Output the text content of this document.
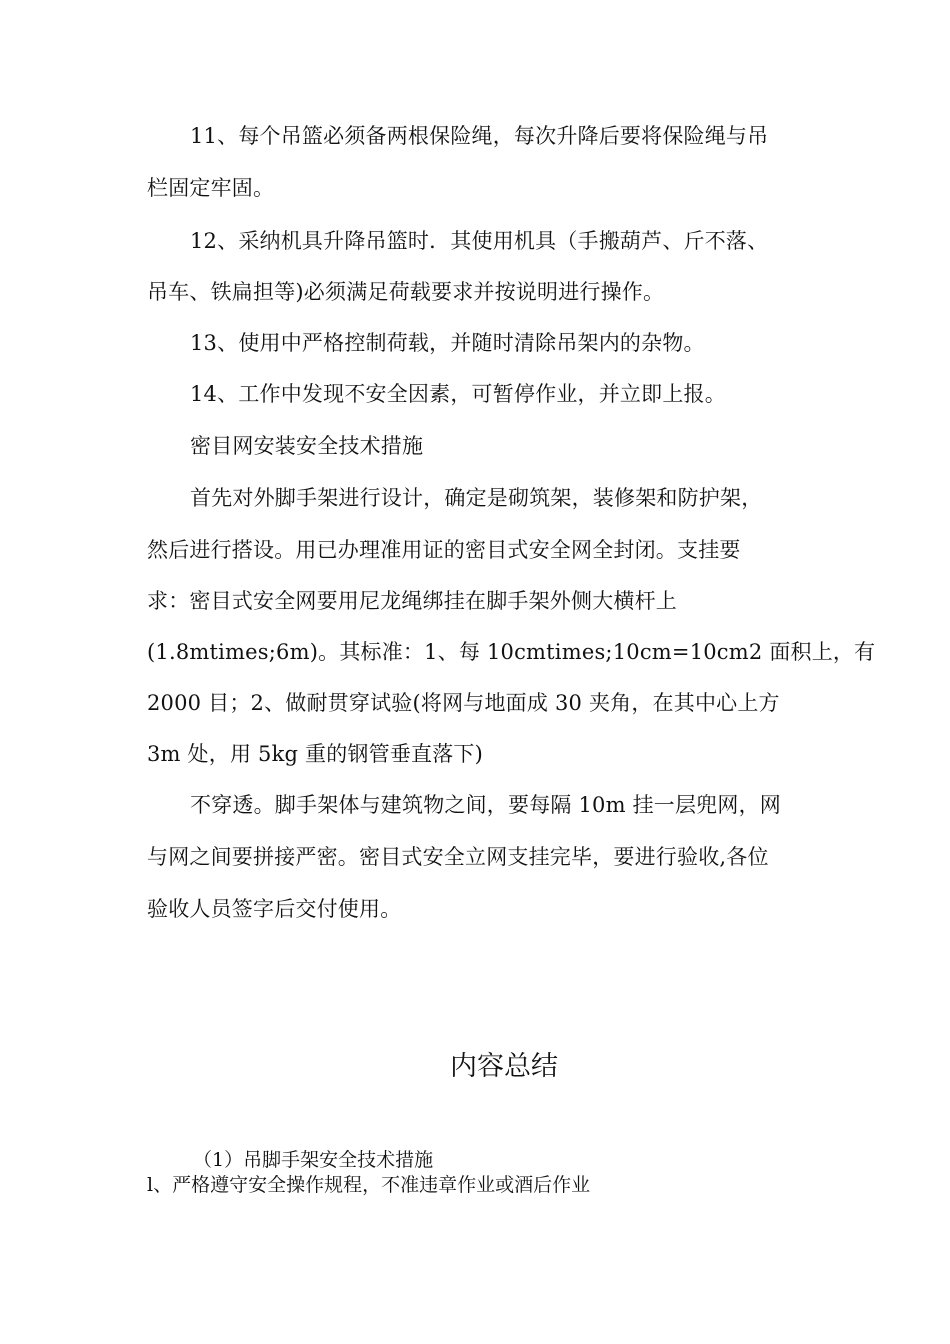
11、每个吊篮必须备两根保险绳，每次升降后要将保险绳与吊
栏固定牢固。
12、采纳机具升降吊篮时．其使用机具（手搬葫芦、斤不落、
吊车、铁扁担等)必须满足荷载要求并按说明进行操作。
13、使用中严格控制荷载，并随时清除吊架内的杂物。
14、工作中发现不安全因素，可暂停作业，并立即上报。
密目网安装安全技术措施
首先对外脚手架进行设计，确定是砌筑架，装修架和防护架，
然后进行搭设。用已办理准用证的密目式安全网全封闭。支挂要
求：密目式安全网要用尼龙绳绑挂在脚手架外侧大横杆上
(1.8mtimes;6m)。其标准：1、每 10cmtimes;10cm=10cm2 面积上，有
2000 目；2、做耐贯穿试验(将网与地面成 30 夹角，在其中心上方
3m 处，用 5kg 重的钢管垂直落下)
不穿透。脚手架体与建筑物之间，要每隔 10m 挂一层兜网，网
与网之间要拼接严密。密目式安全立网支挂完毕，要进行验收,各位
验收人员签字后交付使用。
内容总结
（1）吊脚手架安全技术措施
l、严格遵守安全操作规程，不准违章作业或酒后作业
